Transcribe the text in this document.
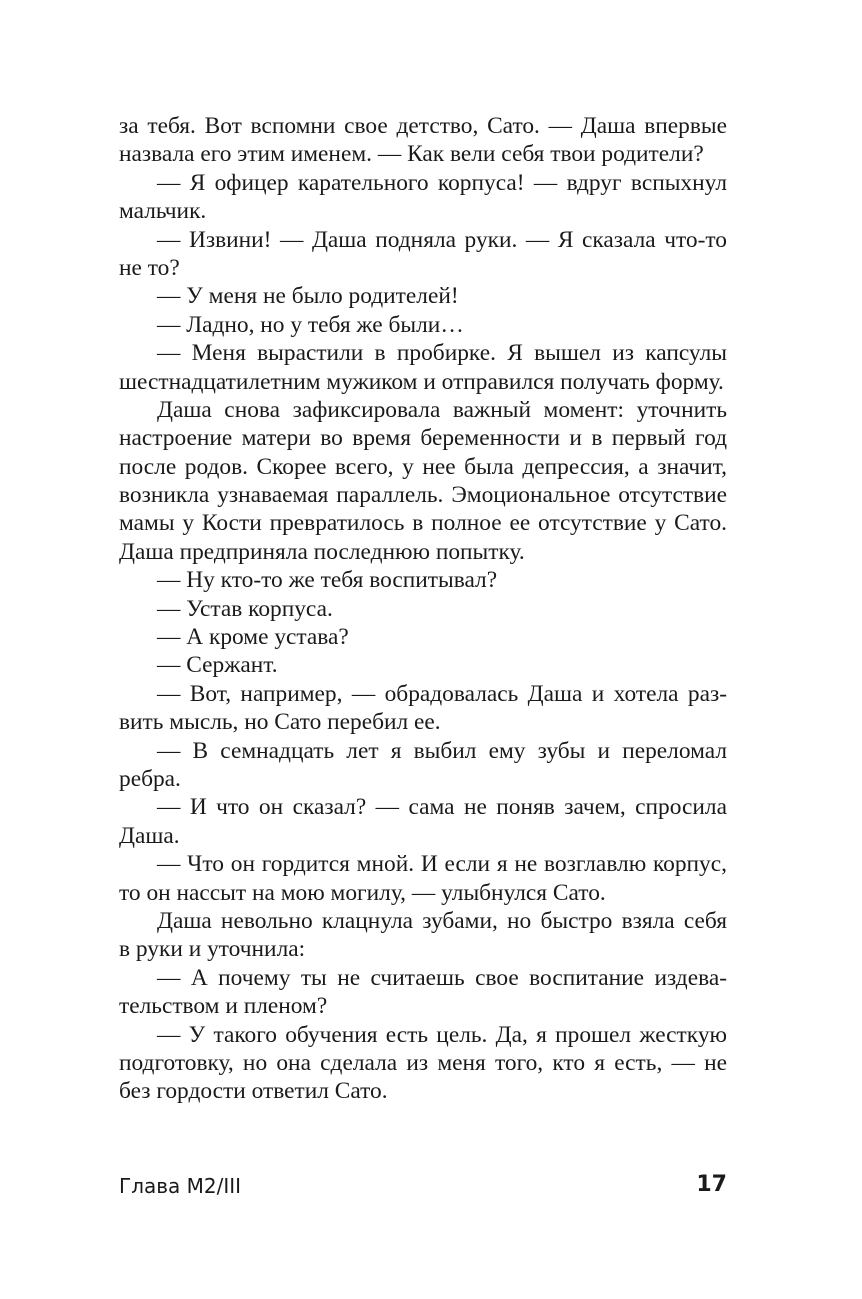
за тебя. Вот вспомни свое детство, Сато. — Даша впервые
назвала его этим именем. — Как вели себя твои родители?
— Я офицер карательного корпуса! — вдруг вспыхнул
мальчик.
— Извини! — Даша подняла руки. — Я сказала что-то
не то?
— У меня не было родителей!
— Ладно, но у тебя же были…
— Меня вырастили в пробирке. Я вышел из капсулы
шестнадцатилетним мужиком и отправился получать форму.
Даша снова зафиксировала важный момент: уточнить
настроение матери во время беременности и в первый год
после родов. Скорее всего, у нее была депрессия, а значит,
возникла узнаваемая параллель. Эмоциональное отсутствие
мамы у Кости превратилось в полное ее отсутствие у Сато.
Даша предприняла последнюю попытку.
— Ну кто-то же тебя воспитывал?
— Устав корпуса.
— А кроме устава?
— Сержант.
— Вот, например, — обрадовалась Даша и хотела раз-
вить мысль, но Сато перебил ее.
— В семнадцать лет я выбил ему зубы и переломал
ребра.
— И что он сказал? — сама не поняв зачем, спросила
Даша.
— Что он гордится мной. И если я не возглавлю корпус,
то он нассыт на мою могилу, — улыбнулся Сато.
Даша невольно клацнула зубами, но быстро взяла себя
в руки и уточнила:
— А почему ты не считаешь свое воспитание издева-
тельством и пленом?
— У такого обучения есть цель. Да, я прошел жесткую
подготовку, но она сделала из меня того, кто я есть, — не
без гордости ответил Сато.
Глава М2/III	17
